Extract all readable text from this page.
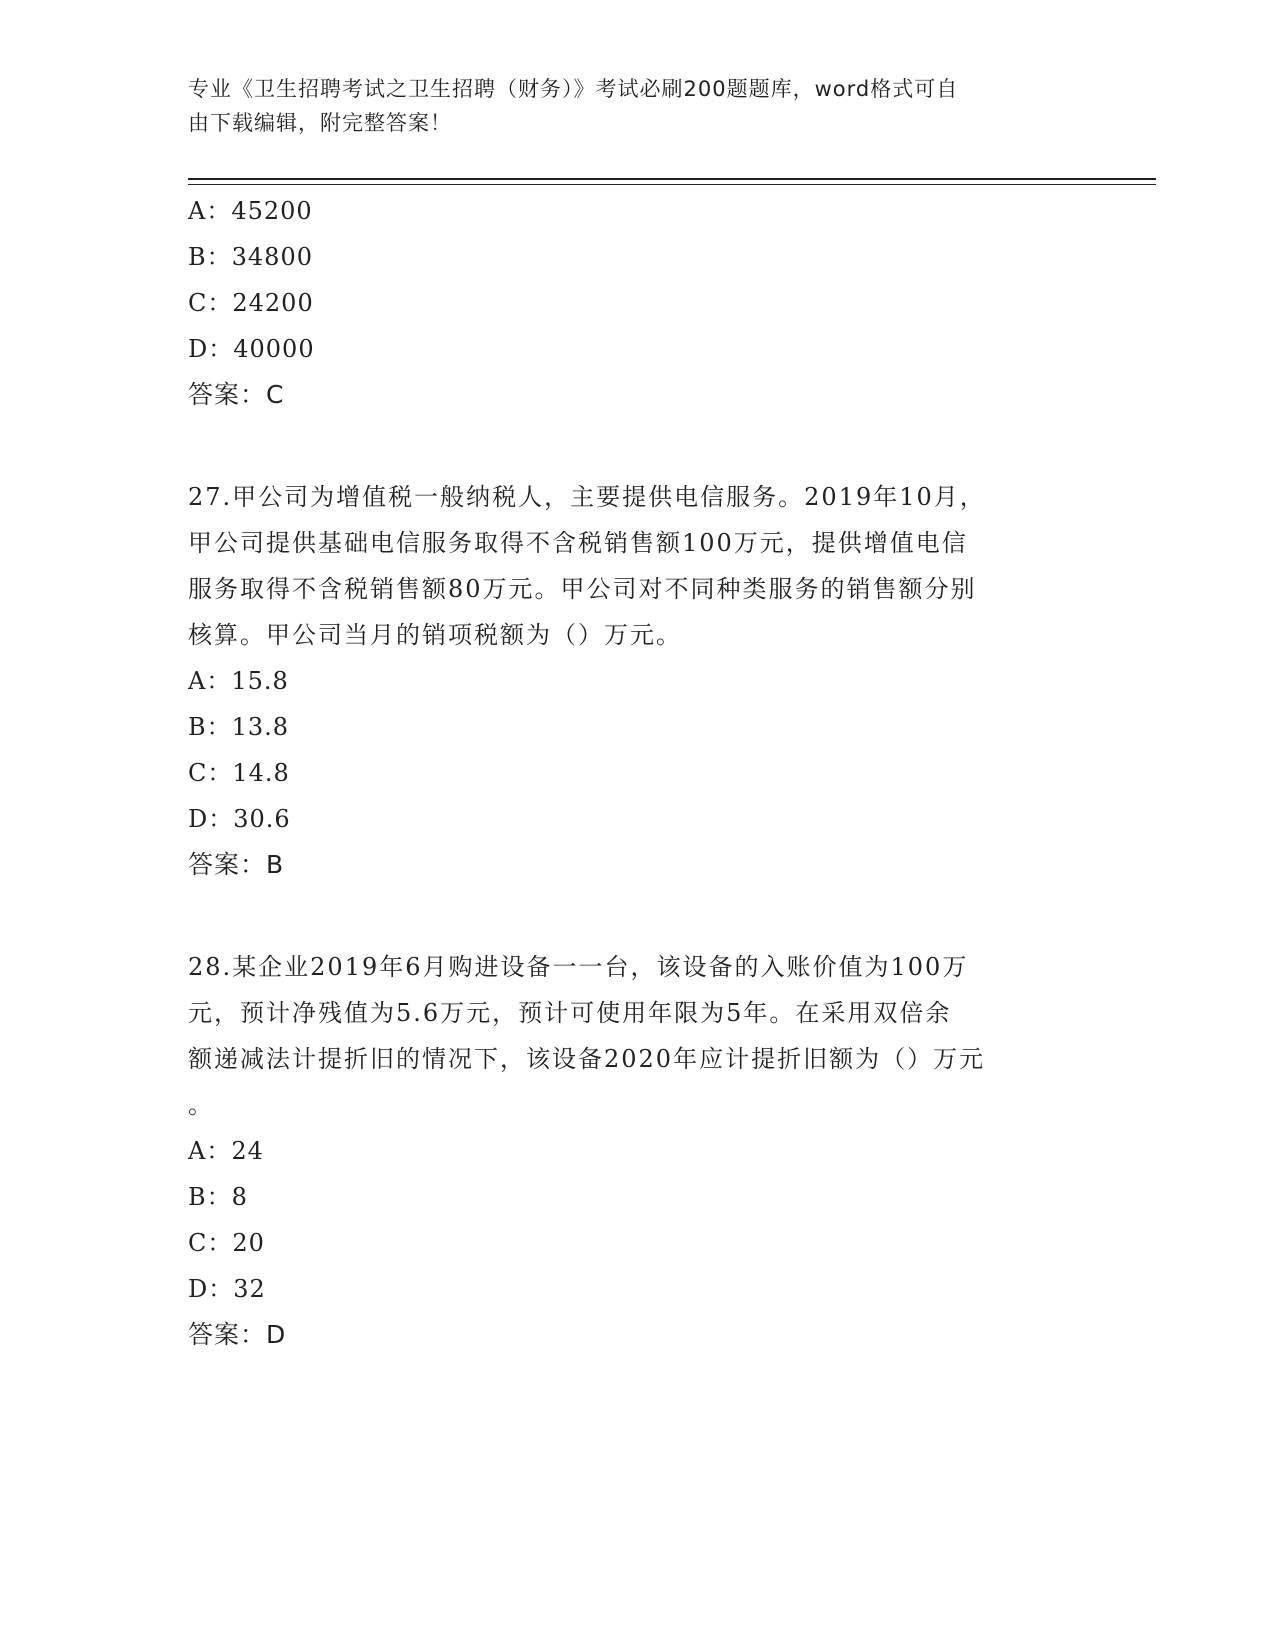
专业《卫生招聘考试之卫生招聘（财务）》考试必刷200题题库，word格式可自
由下载编辑，附完整答案！
A：45200
B：34800
C：24200
D：40000
答案：C
27.甲公司为增值税一般纳税人，主要提供电信服务。2019年10月，
甲公司提供基础电信服务取得不含税销售额100万元，提供增值电信
服务取得不含税销售额80万元。甲公司对不同种类服务的销售额分别
核算。甲公司当月的销项税额为（）万元。
A：15.8
B：13.8
C：14.8
D：30.6
答案：B
28.某企业2019年6月购进设备一一台，该设备的入账价值为100万
元，预计净残值为5.6万元，预计可使用年限为5年。在采用双倍余
额递减法计提折旧的情况下，该设备2020年应计提折旧额为（）万元
。
A：24
B：8
C：20
D：32
答案：D
